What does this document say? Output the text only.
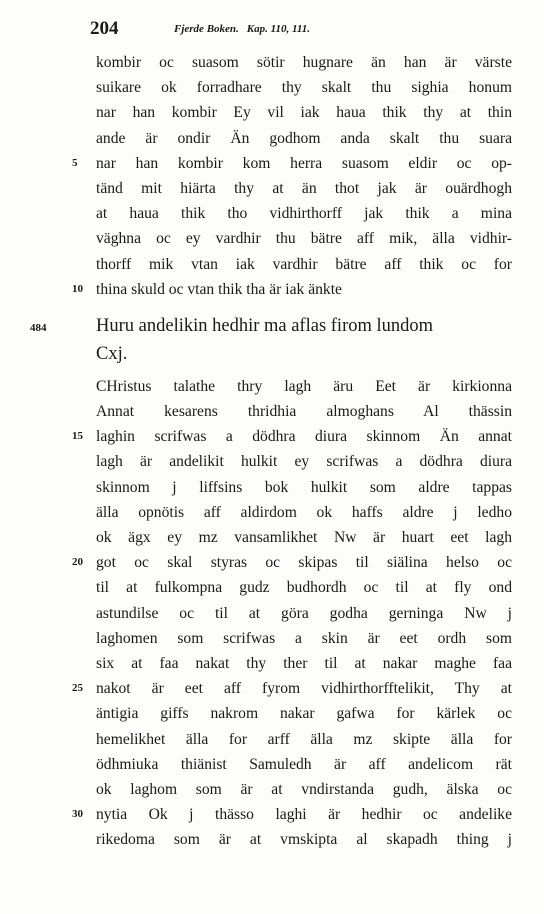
204	Fjerde Boken. Kap. 110, 111.
kombir oc suasom sötir hugnare än han är värste
suikare ok forradhare thy skalt thu sighia honum
nar han kombir Ey vil iak haua thik thy at thin
ande är ondir Än godhom anda skalt thu suara
5	nar han kombir kom herra suasom eldir oc op-
tänd mit hiärta thy at än thot jak är ouärdhogh
at haua thik tho vidhirthorff jak thik a mina
väghna oc ey vardhir thu bätre aff mik, älla vidhir-
thorff mik vtan iak vardhir bätre aff thik oc for
10 thina skuld oc vtan thik tha är iak änkte
484	Huru andelikin hedhir ma aflas firom lundom
Cxj.
CHristus talathe thry lagh äru Eet är kirkionna
Annat kesarens thridhia almoghans Al thässin
15 laghin scrifwas a dödhra diura skinnom Än annat
lagh är andelikit hulkit ey scrifwas a dödhra diura
skinnom j liffsins bok hulkit som aldre tappas
älla opnötis aff aldirdom ok haffs aldre j ledho
ok ägx ey mz vansamlikhet Nw är huart eet lagh
20 got oc skal styras oc skipas til siälina helso oc
til at fulkompna gudz budhordh oc til at fly ond
astundilse oc til at göra godha gerninga Nw j
laghomen som scrifwas a skin är eet ordh som
six at faa nakat thy ther til at nakar maghe faa
25 nakot är eet aff fyrom vidhirthorfftelikit, Thy at
äntigia giffs nakrom nakar gafwa for kärlek oc
hemelikhet älla for arff älla mz skipte älla for
ödhmiuka thiänist Samuledh är aff andelicom rät
ok laghom som är at vndirstanda gudh, älska oc
30 nytia Ok j thässo laghi är hedhir oc andelike
rikedoma som är at vmskipta al skapadh thing j
